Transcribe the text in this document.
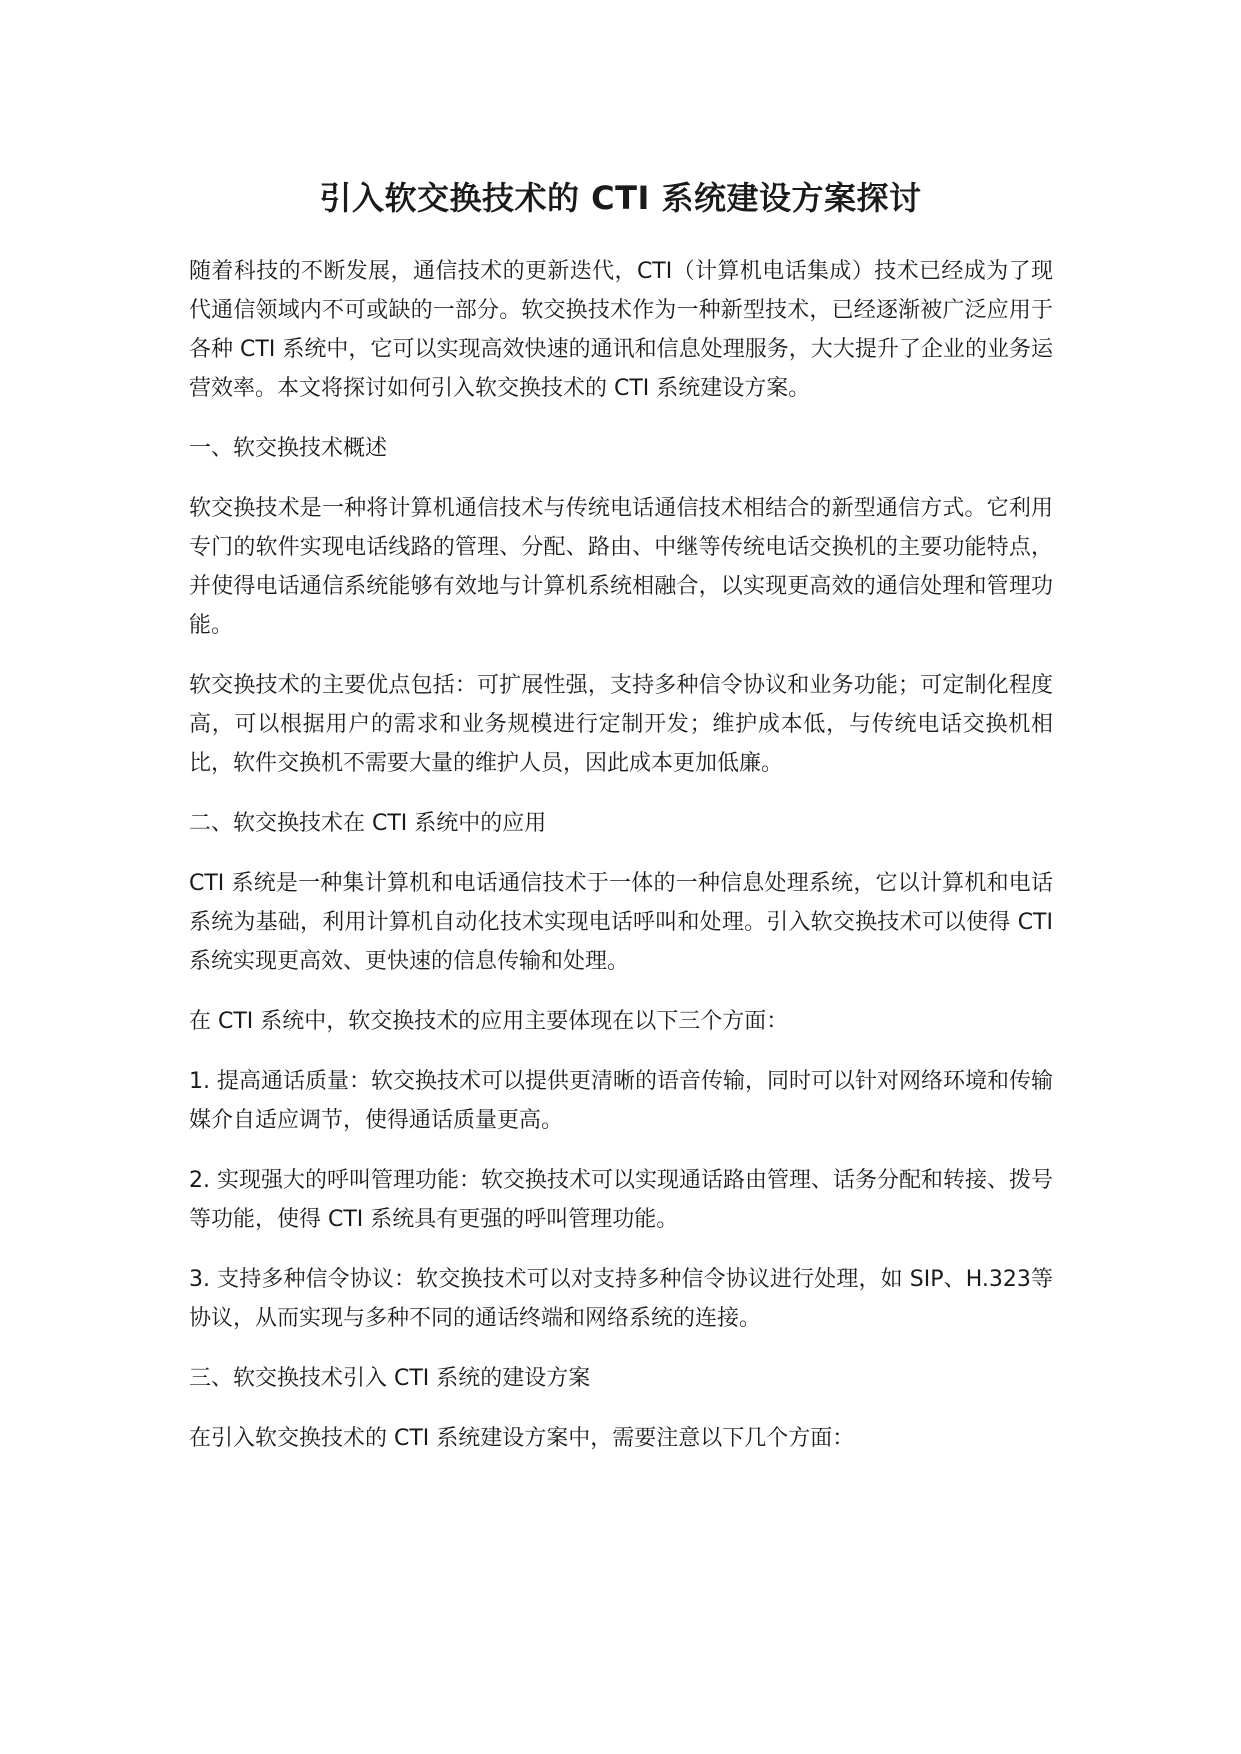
引入软交换技术的 CTI 系统建设方案探讨

随着科技的不断发展，通信技术的更新迭代，CTI（计算机电话集成）技术已经成为了现代通信领域内不可或缺的一部分。软交换技术作为一种新型技术，已经逐渐被广泛应用于各种 CTI 系统中，它可以实现高效快速的通讯和信息处理服务，大大提升了企业的业务运营效率。本文将探讨如何引入软交换技术的 CTI 系统建设方案。

一、软交换技术概述

软交换技术是一种将计算机通信技术与传统电话通信技术相结合的新型通信方式。它利用专门的软件实现电话线路的管理、分配、路由、中继等传统电话交换机的主要功能特点，并使得电话通信系统能够有效地与计算机系统相融合，以实现更高效的通信处理和管理功能。

软交换技术的主要优点包括：可扩展性强，支持多种信令协议和业务功能；可定制化程度高，可以根据用户的需求和业务规模进行定制开发；维护成本低，与传统电话交换机相比，软件交换机不需要大量的维护人员，因此成本更加低廉。

二、软交换技术在 CTI 系统中的应用

CTI 系统是一种集计算机和电话通信技术于一体的一种信息处理系统，它以计算机和电话系统为基础，利用计算机自动化技术实现电话呼叫和处理。引入软交换技术可以使得 CTI 系统实现更高效、更快速的信息传输和处理。

在 CTI 系统中，软交换技术的应用主要体现在以下三个方面：

1. 提高通话质量：软交换技术可以提供更清晰的语音传输，同时可以针对网络环境和传输媒介自适应调节，使得通话质量更高。

2. 实现强大的呼叫管理功能：软交换技术可以实现通话路由管理、话务分配和转接、拨号等功能，使得 CTI 系统具有更强的呼叫管理功能。

3. 支持多种信令协议：软交换技术可以对支持多种信令协议进行处理，如 SIP、H.323等协议，从而实现与多种不同的通话终端和网络系统的连接。

三、软交换技术引入 CTI 系统的建设方案

在引入软交换技术的 CTI 系统建设方案中，需要注意以下几个方面：
